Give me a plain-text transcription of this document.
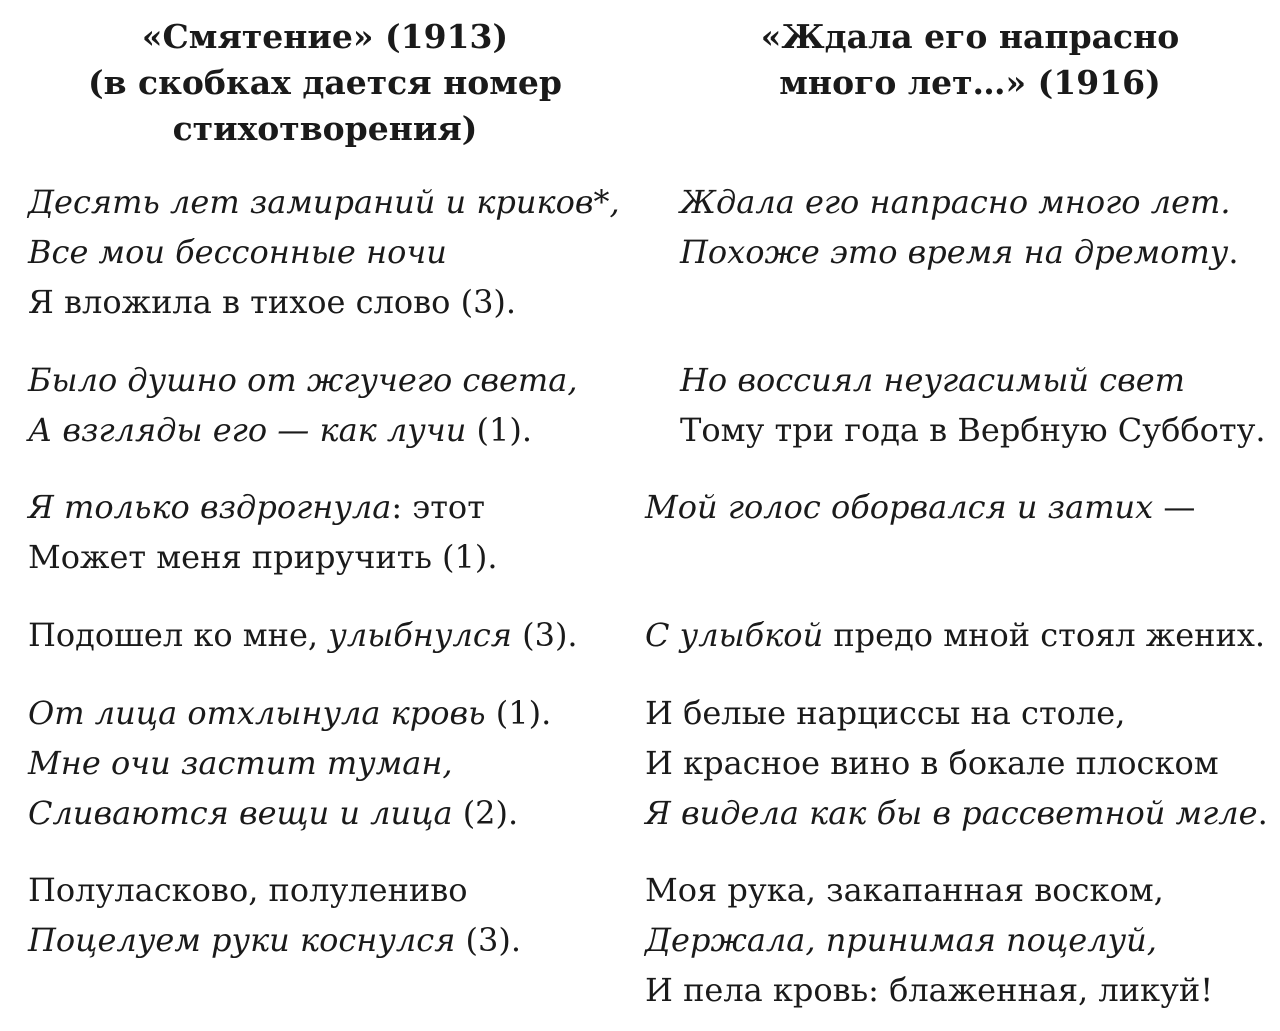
«Смятение» (1913)
(в скобках дается номер
стихотворения)
«Ждала его напрасно
много лет…» (1916)
Десять лет замираний и криков*,
Все мои бессонные ночи
Я вложила в тихое слово (3).
Было душно от жгучего света,
А взгляды его — как лучи (1).
Я только вздрогнула: этот
Может меня приручить (1).
Подошел ко мне, улыбнулся (3).
От лица отхлынула кровь (1).
Мне очи застит туман,
Сливаются вещи и лица (2).
Полуласково, полулениво
Поцелуем руки коснулся (3).
Ждала его напрасно много лет.
Похоже это время на дремоту.
Но воссиял неугасимый свет
Тому три года в Вербную Субботу.
Мой голос оборвался и затих —
С улыбкой предо мной стоял жених.
И белые нарциссы на столе,
И красное вино в бокале плоском
Я видела как бы в рассветной мгле.
Моя рука, закапанная воском,
Держала, принимая поцелуй,
И пела кровь: блаженная, ликуй!
